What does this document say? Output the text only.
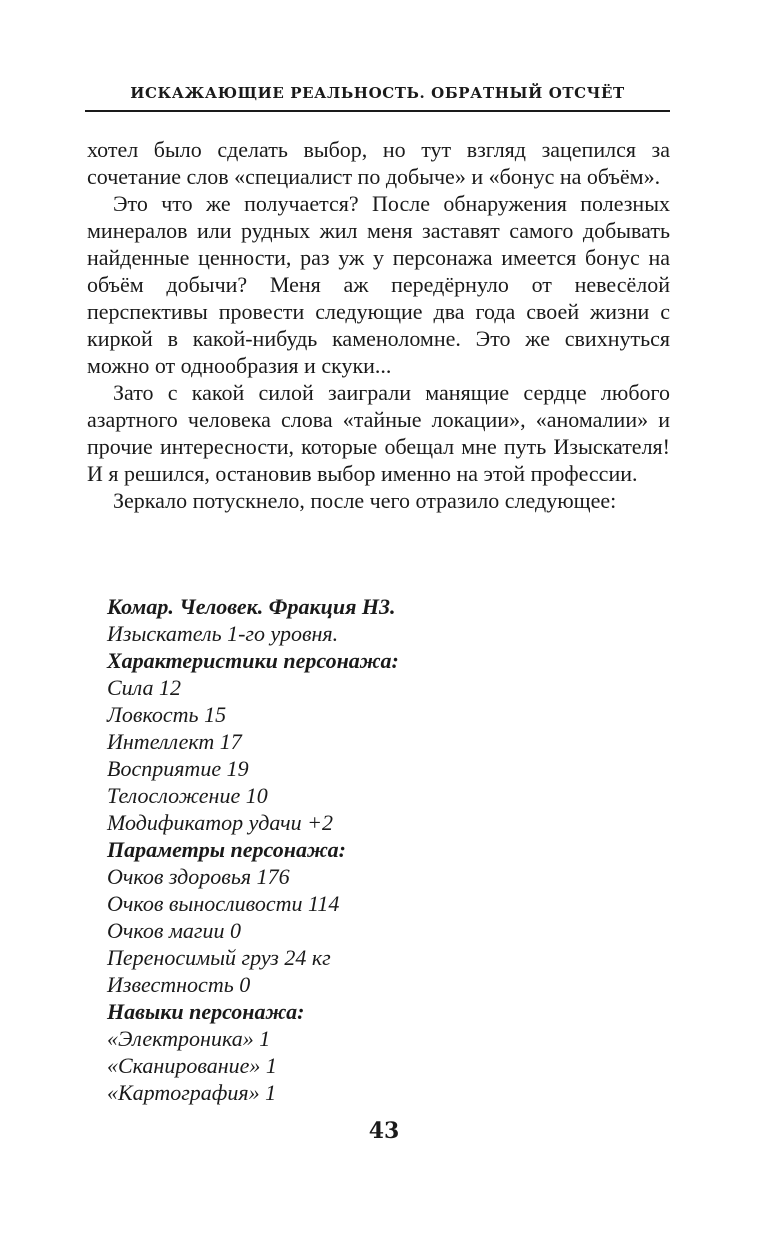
ИСКАЖАЮЩИЕ РЕАЛЬНОСТЬ. ОБРАТНЫЙ ОТСЧЁТ

хотел было сделать выбор, но тут взгляд зацепился за сочетание слов «специалист по добыче» и «бонус на объём».

Это что же получается? После обнаружения полезных минералов или рудных жил меня заставят самого добывать найденные ценности, раз уж у персонажа имеется бонус на объём добычи? Меня аж передёрнуло от невесёлой перспективы провести следующие два года своей жизни с киркой в какой-нибудь каменоломне. Это же свихнуться можно от однообразия и скуки...

Зато с какой силой заиграли манящие сердце любого азартного человека слова «тайные локации», «аномалии» и прочие интересности, которые обещал мне путь Изыскателя! И я решился, остановив выбор именно на этой профессии.

Зеркало потускнело, после чего отразило следующее:

Комар. Человек. Фракция Н3.
Изыскатель 1-го уровня.
Характеристики персонажа:
Сила 12
Ловкость 15
Интеллект 17
Восприятие 19
Телосложение 10
Модификатор удачи +2
Параметры персонажа:
Очков здоровья 176
Очков выносливости 114
Очков магии 0
Переносимый груз 24 кг
Известность 0
Навыки персонажа:
«Электроника» 1
«Сканирование» 1
«Картография» 1
43
